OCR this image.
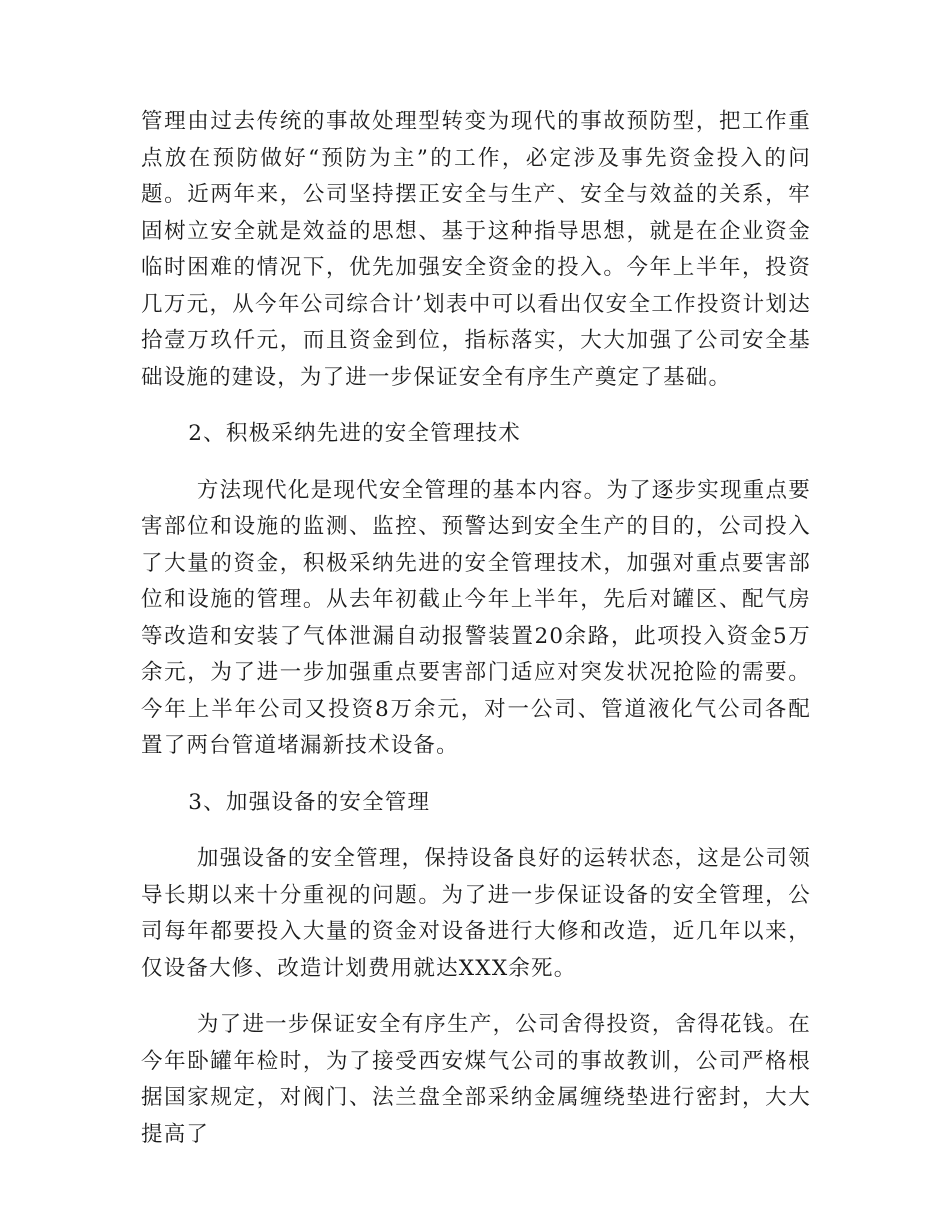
管理由过去传统的事故处理型转变为现代的事故预防型，把工作重点放在预防做好“预防为主”的工作，必定涉及事先资金投入的问题。近两年来，公司坚持摆正安全与生产、安全与效益的关系，牢固树立安全就是效益的思想、基于这种指导思想，就是在企业资金临时困难的情况下，优先加强安全资金的投入。今年上半年，投资几万元，从今年公司综合计’划表中可以看出仅安全工作投资计划达拾壹万玖仟元，而且资金到位，指标落实，大大加强了公司安全基础设施的建设，为了进一步保证安全有序生产奠定了基础。

2、积极采纳先进的安全管理技术

方法现代化是现代安全管理的基本内容。为了逐步实现重点要害部位和设施的监测、监控、预警达到安全生产的目的，公司投入了大量的资金，积极采纳先进的安全管理技术，加强对重点要害部位和设施的管理。从去年初截止今年上半年，先后对罐区、配气房等改造和安装了气体泄漏自动报警装置20余路，此项投入资金5万余元，为了进一步加强重点要害部门适应对突发状况抢险的需要。今年上半年公司又投资8万余元，对一公司、管道液化气公司各配置了两台管道堵漏新技术设备。

3、加强设备的安全管理

加强设备的安全管理，保持设备良好的运转状态，这是公司领导长期以来十分重视的问题。为了进一步保证设备的安全管理，公司每年都要投入大量的资金对设备进行大修和改造，近几年以来，仅设备大修、改造计划费用就达XXX余死。

为了进一步保证安全有序生产，公司舍得投资，舍得花钱。在今年卧罐年检时，为了接受西安煤气公司的事故教训，公司严格根据国家规定，对阀门、法兰盘全部采纳金属缠绕垫进行密封，大大提高了
